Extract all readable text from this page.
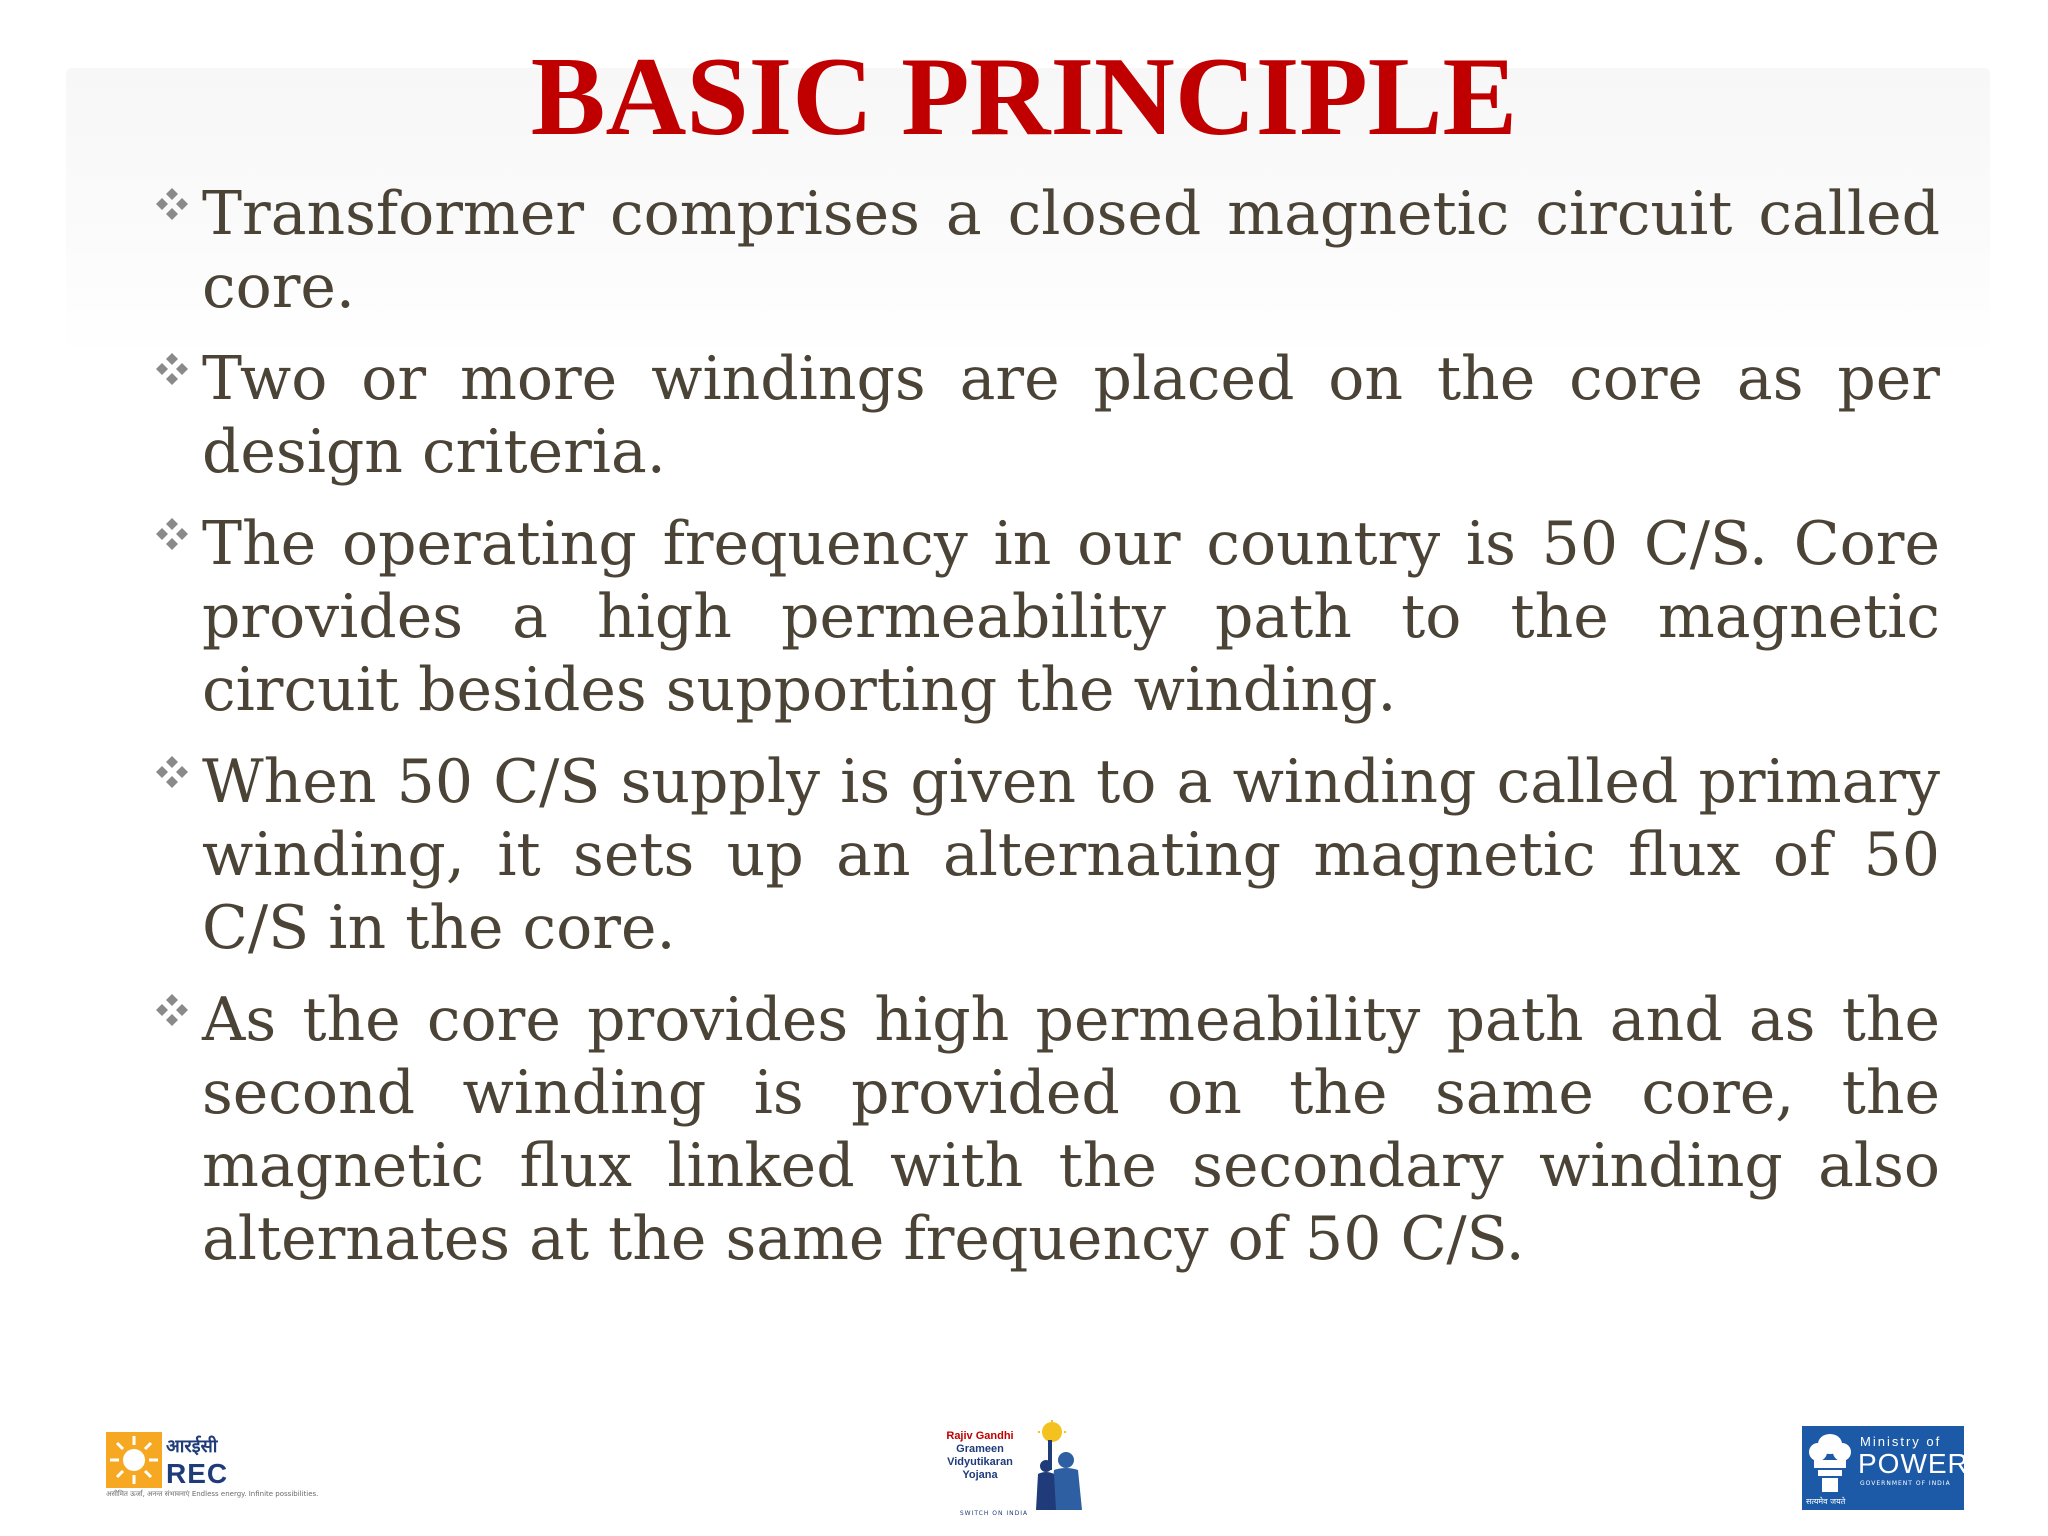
BASIC PRINCIPLE
Transformer comprises a closed magnetic circuit called core.
Two or more windings are placed on the core as per design criteria.
The operating frequency in our country is 50 C/S. Core provides a high permeability path to the magnetic circuit besides supporting the winding.
When 50 C/S supply is given to a winding called primary winding, it sets up an alternating magnetic flux of 50 C/S in the core.
As the core provides high permeability path and as the second winding is provided on the same core, the magnetic flux linked with the secondary winding also alternates at the same frequency of 50 C/S.
आरईसी
REC
असीमित ऊर्जा, अनन्त संभावनाएं Endless energy. Infinite possibilities.
Rajiv Gandhi
Grameen
Vidyutikaran
Yojana
SWITCH ON INDIA
Ministry of
POWER
GOVERNMENT OF INDIA
सत्यमेव जयते
